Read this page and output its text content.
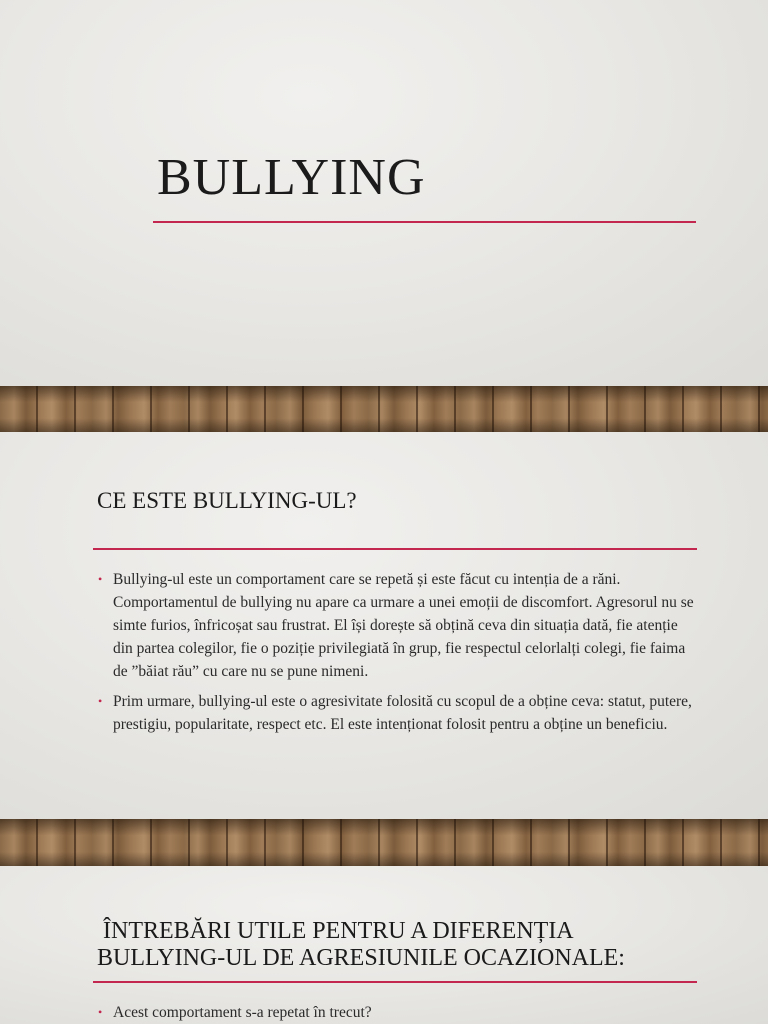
BULLYING
CE ESTE BULLYING-UL?
• Bullying-ul este un comportament care se repetă și este făcut cu intenția de a răni. Comportamentul de bullying nu apare ca urmare a unei emoții de discomfort. Agresorul nu se simte furios, înfricoșat sau frustrat. El își dorește să obțină ceva din situația dată, fie atenție din partea colegilor, fie o poziție privilegiată în grup, fie respectul celorlalți colegi, fie faima de ”băiat rău” cu care nu se pune nimeni.
• Prim urmare, bullying-ul este o agresivitate folosită cu scopul de a obține ceva: statut, putere, prestigiu, popularitate, respect etc. El este intenționat folosit pentru a obține un beneficiu.
ÎNTREBĂRI UTILE PENTRU A DIFERENȚIA
BULLYING-UL DE AGRESIUNILE OCAZIONALE:
• Acest comportament s-a repetat în trecut?
